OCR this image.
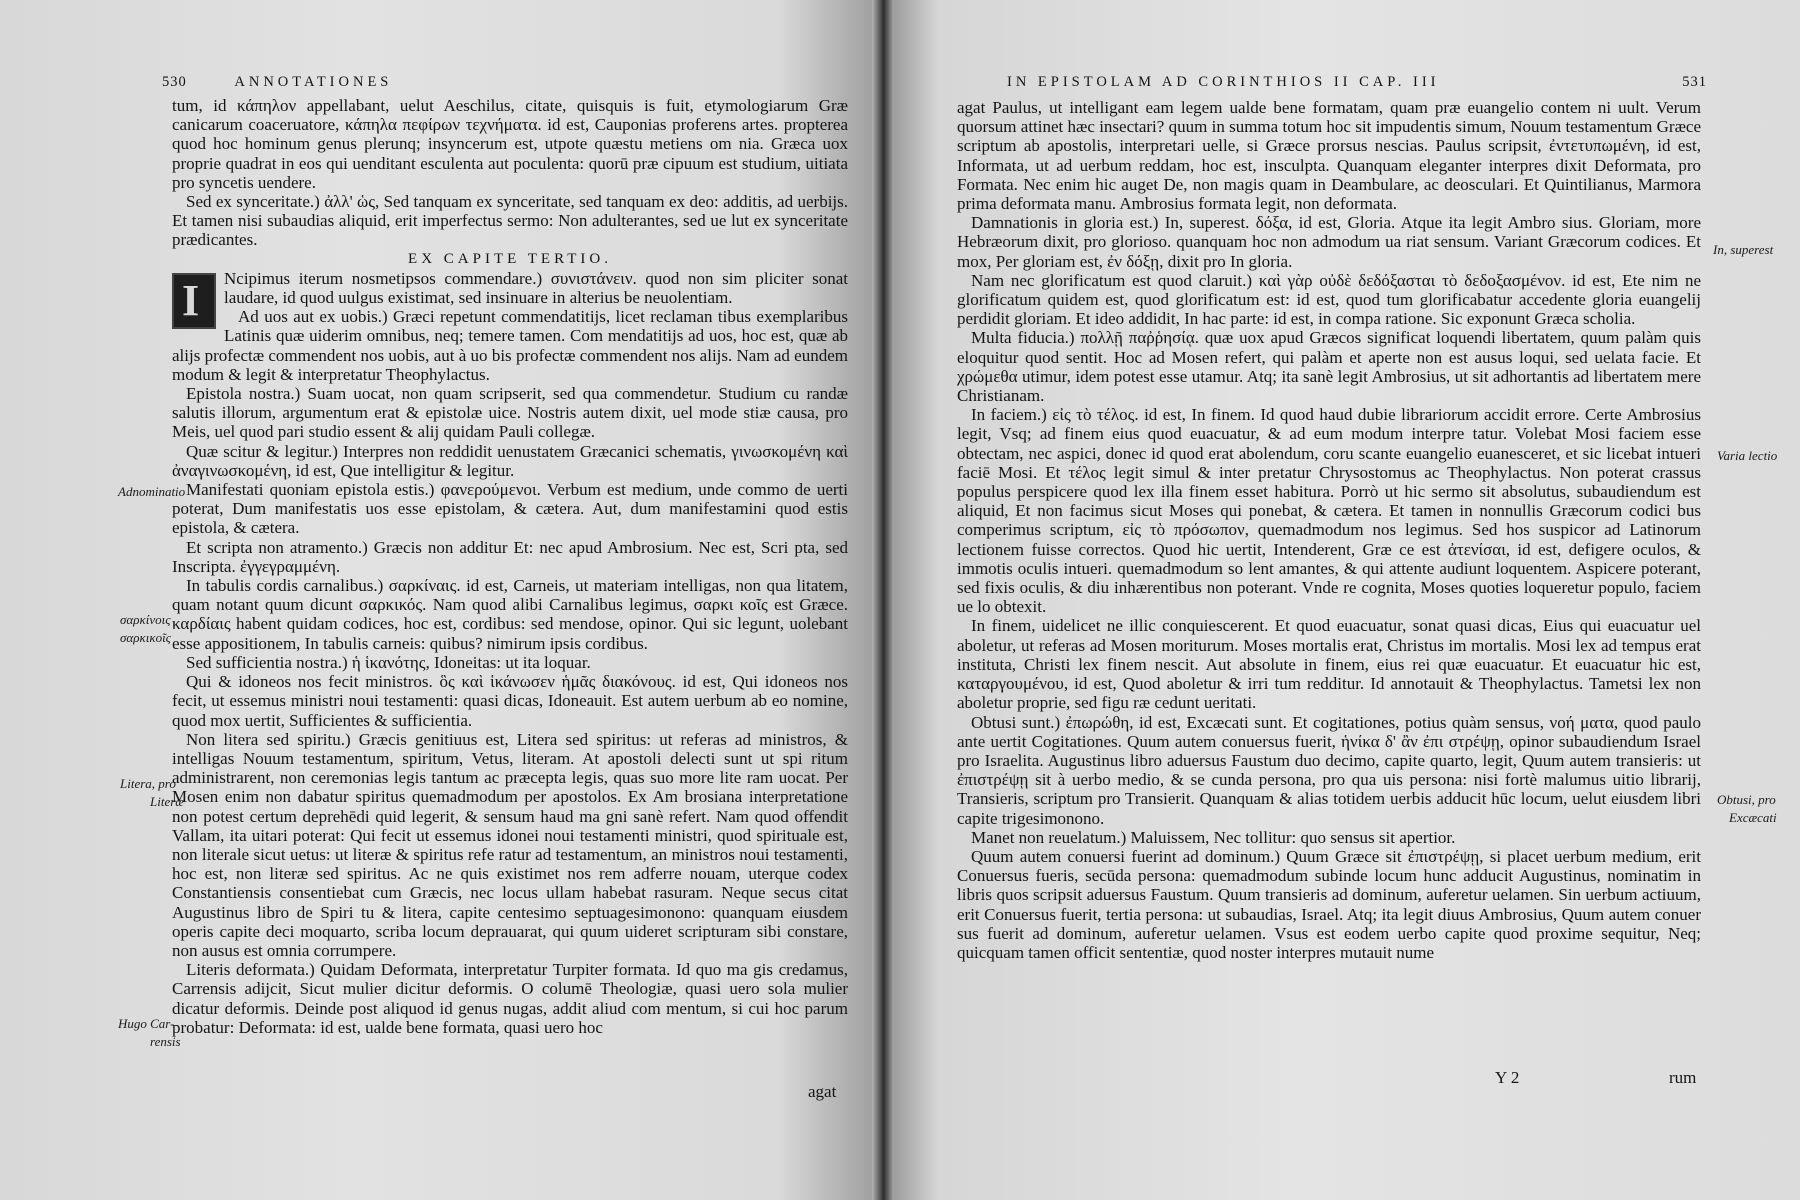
530	ANNOTATIONES

tum, id κάπηλον appellabant, uelut Aeschilus, citate, quisquis is fuit, etymologiarum Græ canicarum coaceruatore, κάπηλα πεφίρων τεχνήματα. id est, Cauponias proferens artes. propterea quod hoc hominum genus plerunq; insyncerum est, utpote quæstu metiens om nia. Græca uox proprie quadrat in eos qui uenditant esculenta aut poculenta: quorū præ cipuum est studium, uitiata pro syncetis uendere.

Sed ex synceritate.) ἀλλ' ὡς, Sed tanquam ex synceritate, sed tanquam ex deo: additis, ad uerbijs. Et tamen nisi subaudias aliquid, erit imperfectus sermo: Non adulterantes, sed ue lut ex synceritate prædicantes.

EX CAPITE TERTIO.

I Ncipimus iterum nosmetipsos commendare.) συνιστάνειν. quod non sim pliciter sonat laudare, id quod uulgus existimat, sed insinuare in alterius be neuolentiam.

Ad uos aut ex uobis.) Græci repetunt commendatitijs, licet reclaman tibus exemplaribus Latinis quæ uiderim omnibus, neq; temere tamen. Com mendatitijs ad uos, hoc est, quæ ab alijs profectæ commendent nos uobis, aut à uo bis profectæ commendent nos alijs. Nam ad eundem modum & legit & interpretatur Theophylactus.

Epistola nostra.) Suam uocat, non quam scripserit, sed qua commendetur. Studium cu randæ salutis illorum, argumentum erat & epistolæ uice. Nostris autem dixit, uel mode stiæ causa, pro Meis, uel quod pari studio essent & alij quidam Pauli collegæ.

Quæ scitur & legitur.) Interpres non reddidit uenustatem Græcanici schematis, γινωσκομένη καὶ ἀναγινωσκομένη, id est, Que intelligitur & legitur.

Manifestati quoniam epistola estis.) φανερούμενοι. Verbum est medium, unde commo de uerti poterat, Dum manifestatis uos esse epistolam, & cætera. Aut, dum manifestamini quod estis epistola, & cætera.

Et scripta non atramento.) Græcis non additur Et: nec apud Ambrosium. Nec est, Scri pta, sed Inscripta. ἐγγεγραμμένη.

In tabulis cordis carnalibus.) σαρκίναις. id est, Carneis, ut materiam intelligas, non qua litatem, quam notant quum dicunt σαρκικός. Nam quod alibi Carnalibus legimus, σαρκι κοῖς est Græce. καρδίαις habent quidam codices, hoc est, cordibus: sed mendose, opinor. Qui sic legunt, uolebant esse appositionem, In tabulis carneis: quibus? nimirum ipsis cordibus.

Sed sufficientia nostra.) ἡ ἱκανότης, Idoneitas: ut ita loquar.

Qui & idoneos nos fecit ministros. ὃς καὶ ἱκάνωσεν ἡμᾶς διακόνους. id est, Qui idoneos nos fecit, ut essemus ministri noui testamenti: quasi dicas, Idoneauit. Est autem uerbum ab eo nomine, quod mox uertit, Sufficientes & sufficientia.

Non litera sed spiritu.) Græcis genitiuus est, Litera sed spiritus: ut referas ad ministros, & intelligas Nouum testamentum, spiritum, Vetus, literam. At apostoli delecti sunt ut spi ritum administrarent, non ceremonias legis tantum ac præcepta legis, quas suo more lite ram uocat. Per Mosen enim non dabatur spiritus quemadmodum per apostolos. Ex Am brosiana interpretatione non potest certum deprehēdi quid legerit, & sensum haud ma gni sanè refert. Nam quod offendit Vallam, ita uitari poterat: Qui fecit ut essemus idonei noui testamenti ministri, quod spirituale est, non literale sicut uetus: ut literæ & spiritus refe ratur ad testamentum, an ministros noui testamenti, hoc est, non literæ sed spiritus. Ac ne quis existimet nos rem adferre nouam, uterque codex Constantiensis consentiebat cum Græcis, nec locus ullam habebat rasuram. Neque secus citat Augustinus libro de Spiri tu & litera, capite centesimo septuagesimonono: quanquam eiusdem operis capite deci moquarto, scriba locum deprauarat, qui quum uideret scripturam sibi constare, non ausus est omnia corrumpere.

Literis deformata.) Quidam Deformata, interpretatur Turpiter formata. Id quo ma gis credamus, Carrensis adijcit, Sicut mulier dicitur deformis. O columē Theologiæ, quasi uero sola mulier dicatur deformis. Deinde post aliquod id genus nugas, addit aliud com mentum, si cui hoc parum probatur: Deformata: id est, ualde bene formata, quasi uero hoc

agat
Adnominatio
σαρκίνοις
σαρκικοῖς
Litera, pro
Literæ
Hugo Car-
rensis
IN EPISTOLAM AD CORINTHIOS II CAP. III	531

agat Paulus, ut intelligant eam legem ualde bene formatam, quam præ euangelio contem ni uult. Verum quorsum attinet hæc insectari? quum in summa totum hoc sit impudentis simum, Nouum testamentum Græce scriptum ab apostolis, interpretari uelle, si Græce prorsus nescias. Paulus scripsit, ἐντετυπωμένη, id est, Informata, ut ad uerbum reddam, hoc est, insculpta. Quanquam eleganter interpres dixit Deformata, pro Formata. Nec enim hic auget De, non magis quam in Deambulare, ac deosculari. Et Quintilianus, Marmora prima deformata manu. Ambrosius formata legit, non deformata.

Damnationis in gloria est.) In, superest. δόξα, id est, Gloria. Atque ita legit Ambro sius. Gloriam, more Hebræorum dixit, pro glorioso. quanquam hoc non admodum ua riat sensum. Variant Græcorum codices. Et mox, Per gloriam est, ἐν δόξῃ, dixit pro In gloria.

Nam nec glorificatum est quod claruit.) καὶ γὰρ οὐδὲ δεδόξασται τὸ δεδοξασμένον. id est, Ete nim ne glorificatum quidem est, quod glorificatum est: id est, quod tum glorificabatur accedente gloria euangelij perdidit gloriam. Et ideo addidit, In hac parte: id est, in compa ratione. Sic exponunt Græca scholia.

Multa fiducia.) πολλῇ παῤῥησίᾳ. quæ uox apud Græcos significat loquendi libertatem, quum palàm quis eloquitur quod sentit. Hoc ad Mosen refert, qui palàm et aperte non est ausus loqui, sed uelata facie. Et χρώμεθα utimur, idem potest esse utamur. Atq; ita sanè legit Ambrosius, ut sit adhortantis ad libertatem mere Christianam.

In faciem.) εἰς τὸ τέλος. id est, In finem. Id quod haud dubie librariorum accidit errore. Certe Ambrosius legit, Vsq; ad finem eius quod euacuatur, & ad eum modum interpre tatur. Volebat Mosi faciem esse obtectam, nec aspici, donec id quod erat abolendum, coru scante euangelio euanesceret, et sic licebat intueri faciē Mosi. Et τέλος legit simul & inter pretatur Chrysostomus ac Theophylactus. Non poterat crassus populus perspicere quod lex illa finem esset habitura. Porrò ut hic sermo sit absolutus, subaudiendum est aliquid, Et non facimus sicut Moses qui ponebat, & cætera. Et tamen in nonnullis Græcorum codici bus comperimus scriptum, εἰς τὸ πρόσωπον, quemadmodum nos legimus. Sed hos suspicor ad Latinorum lectionem fuisse correctos. Quod hic uertit, Intenderent, Græ ce est ἀτενίσαι, id est, defigere oculos, & immotis oculis intueri. quemadmodum so lent amantes, & qui attente audiunt loquentem. Aspicere poterant, sed fixis oculis, & diu inhærentibus non poterant. Vnde re cognita, Moses quoties loqueretur populo, faciem ue lo obtexit.

In finem, uidelicet ne illic conquiescerent. Et quod euacuatur, sonat quasi dicas, Eius qui euacuatur uel aboletur, ut referas ad Mosen moriturum. Moses mortalis erat, Christus im mortalis. Mosi lex ad tempus erat instituta, Christi lex finem nescit. Aut absolute in finem, eius rei quæ euacuatur. Et euacuatur hic est, καταργουμένου, id est, Quod aboletur & irri tum redditur. Id annotauit & Theophylactus. Tametsi lex non aboletur proprie, sed figu ræ cedunt ueritati.

Obtusi sunt.) ἐπωρώθη, id est, Excæcati sunt. Et cogitationes, potius quàm sensus, νοή ματα, quod paulo ante uertit Cogitationes. Quum autem conuersus fuerit, ἡνίκα δ' ἂν ἐπι στρέψῃ, opinor subaudiendum Israel pro Israelita. Augustinus libro aduersus Faustum duo decimo, capite quarto, legit, Quum autem transieris: ut ἐπιστρέψῃ sit à uerbo medio, & se cunda persona, pro qua uis persona: nisi fortè malumus uitio librarij, Transieris, scriptum pro Transierit. Quanquam & alias totidem uerbis adducit hūc locum, uelut eiusdem libri capite trigesimonono.

Manet non reuelatum.) Maluissem, Nec tollitur: quo sensus sit apertior.

Quum autem conuersi fuerint ad dominum.) Quum Græce sit ἐπιστρέψῃ, si placet uerbum medium, erit Conuersus fueris, secūda persona: quemadmodum subinde locum hunc adducit Augustinus, nominatim in libris quos scripsit aduersus Faustum. Quum transieris ad dominum, auferetur uelamen. Sin uerbum actiuum, erit Conuersus fuerit, tertia persona: ut subaudias, Israel. Atq; ita legit diuus Ambrosius, Quum autem conuer sus fuerit ad dominum, auferetur uelamen. Vsus est eodem uerbo capite quod proxime sequitur, Neq; quicquam tamen officit sententiæ, quod noster interpres mutauit nume

Y 2	rum
In, superest
Varia lectio
Obtusi, pro
Excæcati
